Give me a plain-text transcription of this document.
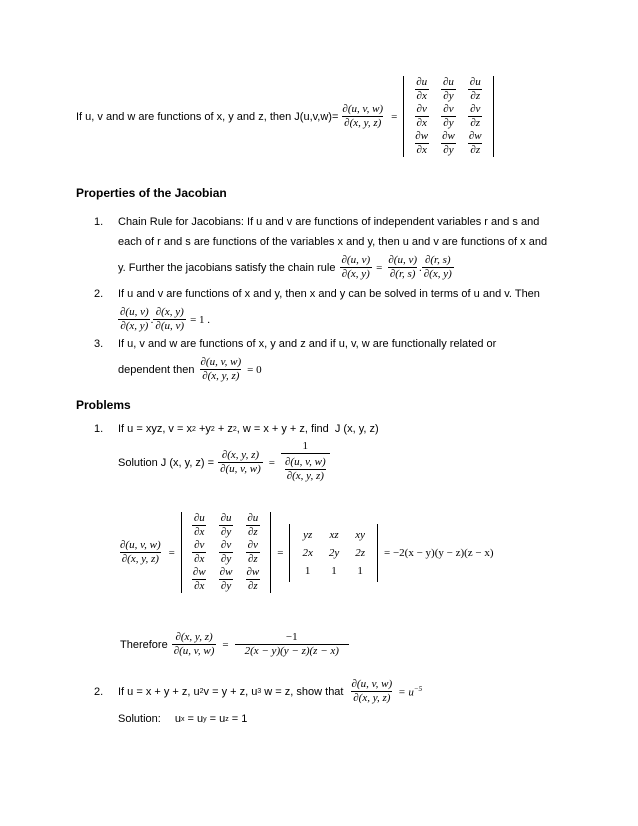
If u, v and w are functions of x, y and z, then $J(u,v,w)= \frac{\partial(u, v, w)}{\partial(x, y, z)}$ =
$\frac{\partial u}{\partial x}$	$\frac{\partial u}{\partial y}$	$\frac{\partial u}{\partial z}$

$\frac{\partial v}{\partial x}$	$\frac{\partial v}{\partial y}$	$\frac{\partial v}{\partial z}$

$\frac{\partial w}{\partial x}$	$\frac{\partial w}{\partial y}$	$\frac{\partial w}{\partial z}$
Properties of the Jacobian
1.	Chain Rule for Jacobians: If u and v are functions of independent variables r and s and
each of r and s are functions of the variables x and y, then u and v are functions of x and
y. Further the jacobians satisfy the chain rule $\frac{\partial(u, v)}{\partial(x, y)} = \frac{\partial(u, v)}{\partial(r, s)}$ . $\frac{\partial(r, s)}{\partial(x, y)}$
2.	If u and v are functions of x and y, then x and y can be solved in terms of u and v. Then
$\frac{\partial(u, v)}{\partial(x, y)}$ . $\frac{\partial(x, y)}{\partial(u, v)} = 1$ .
3.	If u, v and w are functions of x, y and z and if u, v, w are functionally related or
dependent then $\frac{\partial(u, v, w)}{\partial(x, y, z)} = 0$
Problems
1.	If u = xyz, v = x 2 +y 2 + z 2 , w = x + y + z, find  J (x, y, z)
Solution J (x, y, $z) = \frac{\partial(x, y, z)}{\partial(u, v, w)} = \frac{1}{\frac{\partial(u, v, w)}{\partial(x, y, z)}}$
$\frac{\partial(u, v, w)}{\partial(x, y, z)}$ =
$\frac{\partial u}{\partial x}$	$\frac{\partial u}{\partial y}$	$\frac{\partial u}{\partial z}$

$\frac{\partial v}{\partial x}$	$\frac{\partial v}{\partial y}$	$\frac{\partial v}{\partial z}$

$\frac{\partial w}{\partial x}$	$\frac{\partial w}{\partial y}$	$\frac{\partial w}{\partial z}$
=
yz	xz	xy
2x	2y	2z
1	1	1
= −2(x − y)(y − z)(z − x)
Therefore $\frac{\partial(x, y, z)}{\partial(u, v, w)} = \frac{-1}{2(x - y)(y - z)(z - x)}$
2.	If u = x + y + z, u 2 v = y + z, u 3 w = z, show that $\frac{\partial(u, v, w)}{\partial(x, y, z)} = u^{-5}$
Solution: u x = u y = u z = 1
